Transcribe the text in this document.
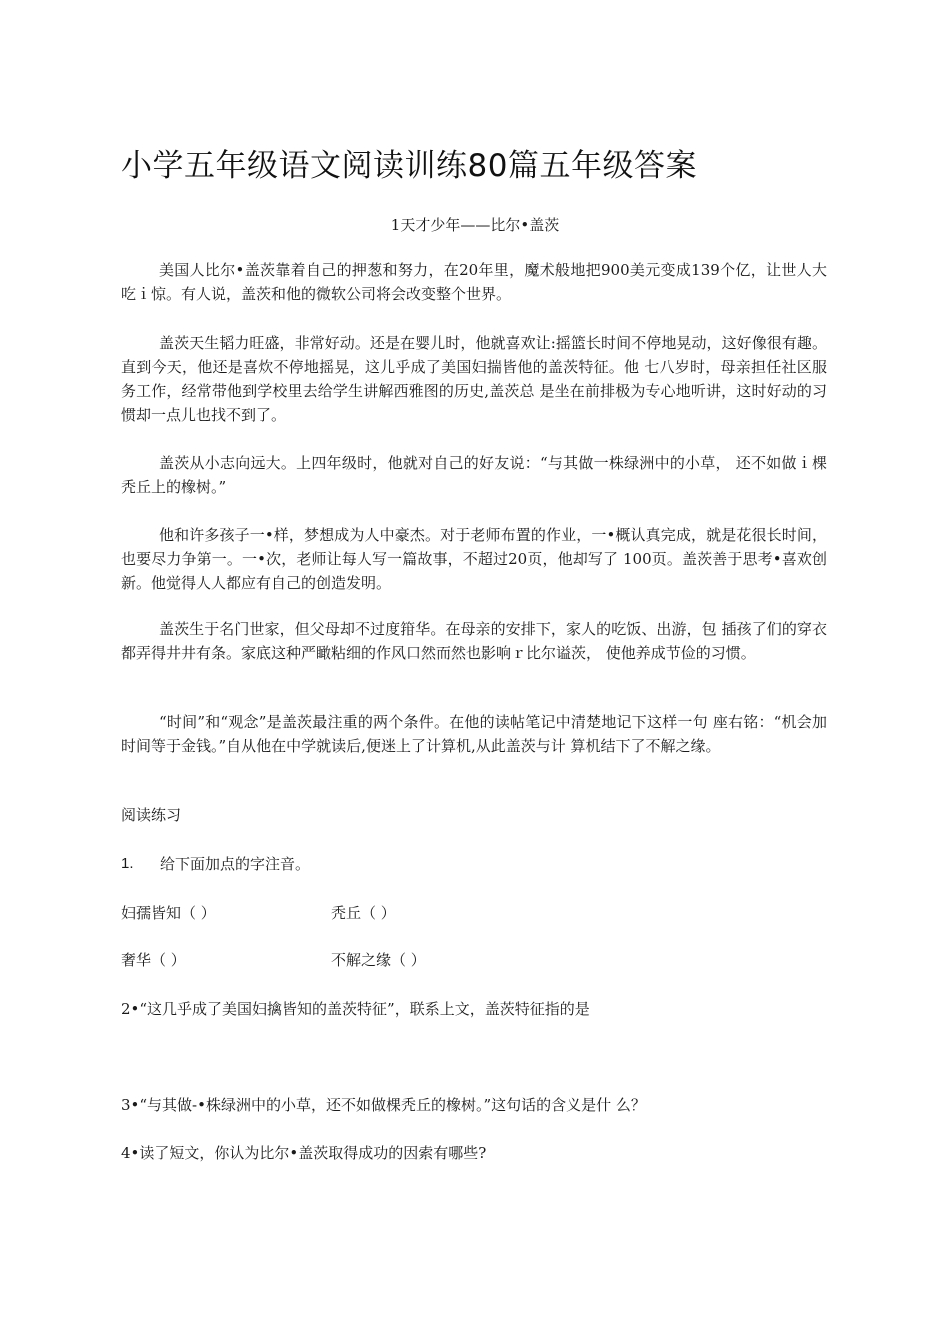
小学五年级语文阅读训练80篇五年级答案

1天才少年——比尔•盖茨

美国人比尔•盖茨靠着自己的押葱和努力，在20年里，魔术般地把900美元变成139个亿，让世人大吃ｉ惊。有人说，盖茨和他的微软公司将会改变整个世界。

盖茨天生韬力旺盛，非常好动。还是在婴儿时，他就喜欢让:摇篮长时间不停地晃动，这好像很有趣。直到今天，他还是喜炊不停地摇晃，这儿乎成了美国妇揣皆他的盖茨特征。他 七八岁时，母亲担任社区服务工作，经常带他到学校里去给学生讲解西雅图的历史,盖茨总 是坐在前排极为专心地听讲，这时好动的习惯却一点儿也找不到了。

盖茨从小志向远大。上四年级时，他就对自己的好友说：“与其做一株绿洲中的小草， 还不如做ｉ棵秃丘上的橡树。”

他和许多孩子一•样，梦想成为人中豪杰。对于老师布置的作业，一•概认真完成，就是花很长时间，也要尽力争第一。一•次，老师让每人写一篇故事，不超过20页，他却写了 100页。盖茨善于思考•喜欢创新。他觉得人人都应有自己的创造发明。

盖茨生于名门世家，但父母却不过度箝华。在母亲的安排下，家人的吃饭、出游，包 插孩了们的穿衣都弄得井井有条。家底这种严瞰粘细的作风口然而然也影响ｒ比尔谥茨， 使他养成节俭的习惯。

“时间”和“观念”是盖茨最注重的两个条件。在他的读帖笔记中清楚地记下这样一句 座右铭：“机会加时间等于金钱。”自从他在中学就读后,便迷上了计算机,从此盖茨与计 算机结下了不解之缘。

阅读练习

1. 给下面加点的字注音。
妇孺皆知（ ）	秃丘（ ）
奢华（ ）	不解之缘（ ）

2•“这几乎成了美国妇擒皆知的盖茨特征”，联系上文，盖茨特征指的是

3•“与其做-•株绿洲中的小草，还不如做棵秃丘的橡树。”这句话的含义是什 么？

4•读了短文，你认为比尔•盖茨取得成功的因索有哪些?
